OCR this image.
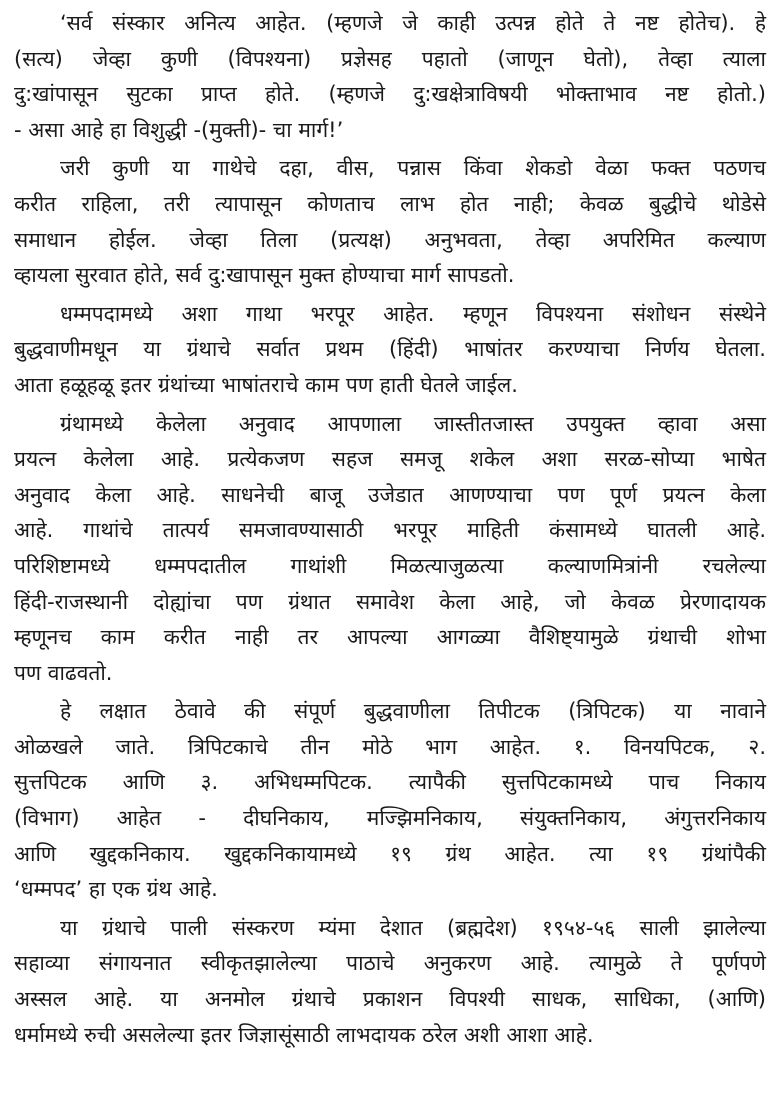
‘सर्व संस्कार अनित्य आहेत. (म्हणजे जे काही उत्पन्न होते ते नष्ट होतेच). हे
(सत्य) जेव्हा कुणी (विपश्यना) प्रज्ञेसह पहातो (जाणून घेतो), तेव्हा त्याला
दु:खांपासून सुटका प्राप्त होते. (म्हणजे दु:खक्षेत्राविषयी भोक्ताभाव नष्ट होतो.)
- असा आहे हा विशुद्धी -(मुक्ती)- चा मार्ग!’
जरी कुणी या गाथेचे दहा, वीस, पन्नास किंवा शेकडो वेळा फक्त पठणच
करीत राहिला, तरी त्यापासून कोणताच लाभ होत नाही; केवळ बुद्धीचे थोडेसे
समाधान होईल. जेव्हा तिला (प्रत्यक्ष) अनुभवता, तेव्हा अपरिमित कल्याण
व्हायला सुरवात होते, सर्व दु:खापासून मुक्त होण्याचा मार्ग सापडतो.
धम्मपदामध्ये अशा गाथा भरपूर आहेत. म्हणून विपश्यना संशोधन संस्थेने
बुद्धवाणीमधून या ग्रंथाचे सर्वात प्रथम (हिंदी) भाषांतर करण्याचा निर्णय घेतला.
आता हळूहळू इतर ग्रंथांच्या भाषांतराचे काम पण हाती घेतले जाईल.
ग्रंथामध्ये केलेला अनुवाद आपणाला जास्तीतजास्त उपयुक्त व्हावा असा
प्रयत्न केलेला आहे. प्रत्येकजण सहज समजू शकेल अशा सरळ-सोप्या भाषेत
अनुवाद केला आहे. साधनेची बाजू उजेडात आणण्याचा पण पूर्ण प्रयत्न केला
आहे. गाथांचे तात्पर्य समजावण्यासाठी भरपूर माहिती कंसामध्ये घातली आहे.
परिशिष्टामध्ये धम्मपदातील गाथांशी मिळत्याजुळत्या कल्याणमित्रांनी रचलेल्या
हिंदी-राजस्थानी दोह्यांचा पण ग्रंथात समावेश केला आहे, जो केवळ प्रेरणादायक
म्हणूनच काम करीत नाही तर आपल्या आगळ्या वैशिष्ट्यामुळे ग्रंथाची शोभा
पण वाढवतो.
हे लक्षात ठेवावे की संपूर्ण बुद्धवाणीला तिपीटक (त्रिपिटक) या नावाने
ओळखले जाते. त्रिपिटकाचे तीन मोठे भाग आहेत. १. विनयपिटक, २.
सुत्तपिटक आणि ३. अभिधम्मपिटक. त्यापैकी सुत्तपिटकामध्ये पाच निकाय
(विभाग) आहेत - दीघनिकाय, मज्झिमनिकाय, संयुक्तनिकाय, अंगुत्तरनिकाय
आणि खुद्दकनिकाय. खुद्दकनिकायामध्ये १९ ग्रंथ आहेत. त्या १९ ग्रंथांपैकी
‘धम्मपद’ हा एक ग्रंथ आहे.
या ग्रंथाचे पाली संस्करण म्यंमा देशात (ब्रह्मदेश) १९५४-५६ साली झालेल्या
सहाव्या संगायनात स्वीकृतझालेल्या पाठाचे अनुकरण आहे. त्यामुळे ते पूर्णपणे
अस्सल आहे. या अनमोल ग्रंथाचे प्रकाशन विपश्यी साधक, साधिका, (आणि)
धर्मामध्ये रुची असलेल्या इतर जिज्ञासूंसाठी लाभदायक ठरेल अशी आशा आहे.
